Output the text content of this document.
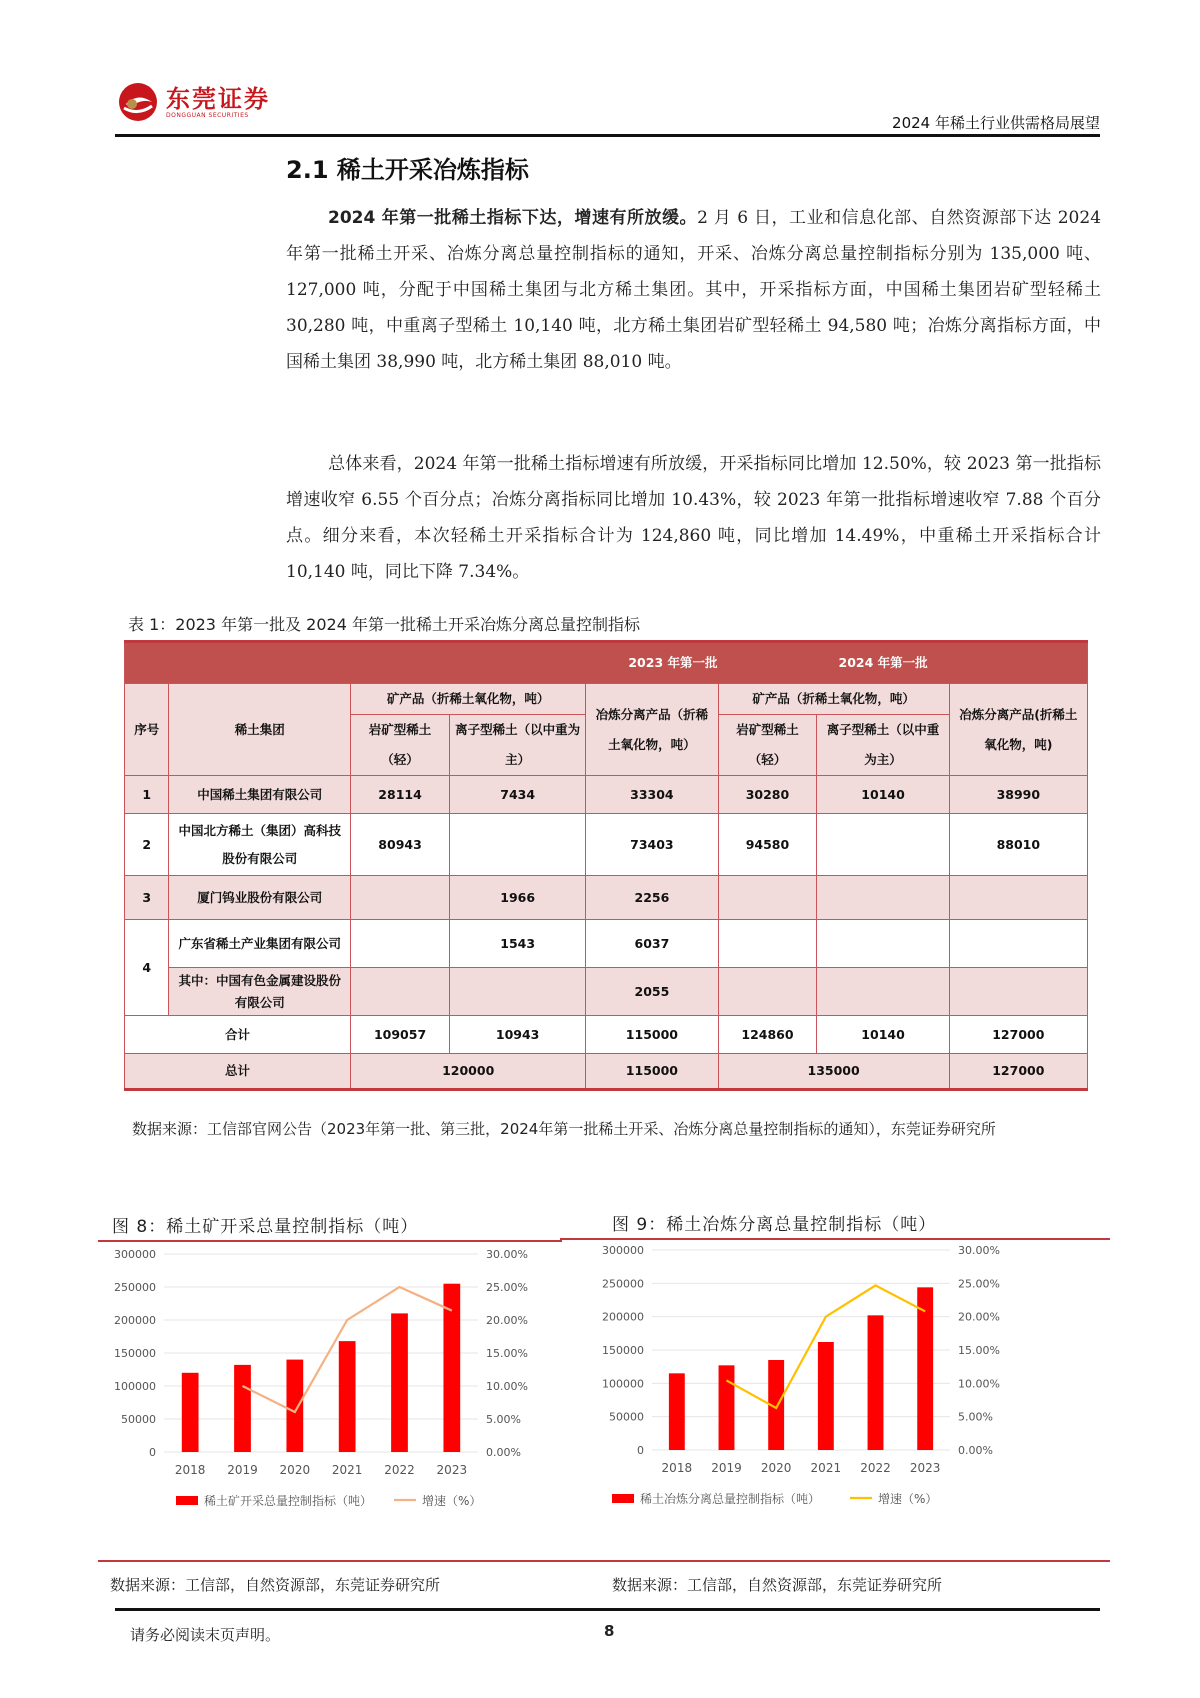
东莞证券
DONGGUAN SECURITIES	2024 年稀土行业供需格局展望
2.1 稀土开采冶炼指标
2024 年第一批稀土指标下达，增速有所放缓。2 月 6 日，工业和信息化部、自然资源部下达 2024 年第一批稀土开采、冶炼分离总量控制指标的通知，开采、冶炼分离总量控制指标分别为 135,000 吨、127,000 吨，分配于中国稀土集团与北方稀土集团。其中，开采指标方面，中国稀土集团岩矿型轻稀土 30,280 吨，中重离子型稀土 10,140 吨，北方稀土集团岩矿型轻稀土 94,580 吨；冶炼分离指标方面，中国稀土集团 38,990 吨，北方稀土集团 88,010 吨。
总体来看，2024 年第一批稀土指标增速有所放缓，开采指标同比增加 12.50%，较 2023 第一批指标增速收窄 6.55 个百分点；冶炼分离指标同比增加 10.43%，较 2023 年第一批指标增速收窄 7.88 个百分点。细分来看，本次轻稀土开采指标合计为 124,860 吨，同比增加 14.49%，中重稀土开采指标合计 10,140 吨，同比下降 7.34%。
表 1：2023 年第一批及 2024 年第一批稀土开采冶炼分离总量控制指标
		2023 年第一批			2024 年第一批		
序号	稀土集团	矿产品（折稀土氧化物，吨）		冶炼分离产品（折稀土氧化物，吨）	矿产品（折稀土氧化物，吨）		冶炼分离产品(折稀土氧化物，吨)
		岩矿型稀土（轻）	离子型稀土（以中重为主）		岩矿型稀土（轻）	离子型稀土（以中重为主）	
1	中国稀土集团有限公司	28114	7434	33304	30280	10140	38990
2	中国北方稀土（集团）高科技股份有限公司	80943		73403	94580		88010
3	厦门钨业股份有限公司		1966	2256			
4	广东省稀土产业集团有限公司		1543	6037			
	其中：中国有色金属建设股份有限公司			2055			
合计		109057	10943	115000	124860	10140	127000
总计		120000		115000	135000		127000
数据来源：工信部官网公告（2023年第一批、第三批，2024年第一批稀土开采、冶炼分离总量控制指标的通知），东莞证券研究所
图 8：稀土矿开采总量控制指标（吨）	图 9：稀土冶炼分离总量控制指标（吨）
0	0.00%
50000	5.00%
100000	10.00%
150000	15.00%
200000	20.00%
250000	25.00%
300000	30.00%
2018 2019 2020 2021 2022 2023
稀土矿开采总量控制指标（吨）	增速（%）
0	0.00%
50000	5.00%
100000	10.00%
150000	15.00%
200000	20.00%
250000	25.00%
300000	30.00%
2018 2019 2020 2021 2022 2023
稀土冶炼分离总量控制指标（吨）	增速（%）
数据来源：工信部，自然资源部，东莞证券研究所	数据来源：工信部，自然资源部，东莞证券研究所
请务必阅读末页声明。	8
